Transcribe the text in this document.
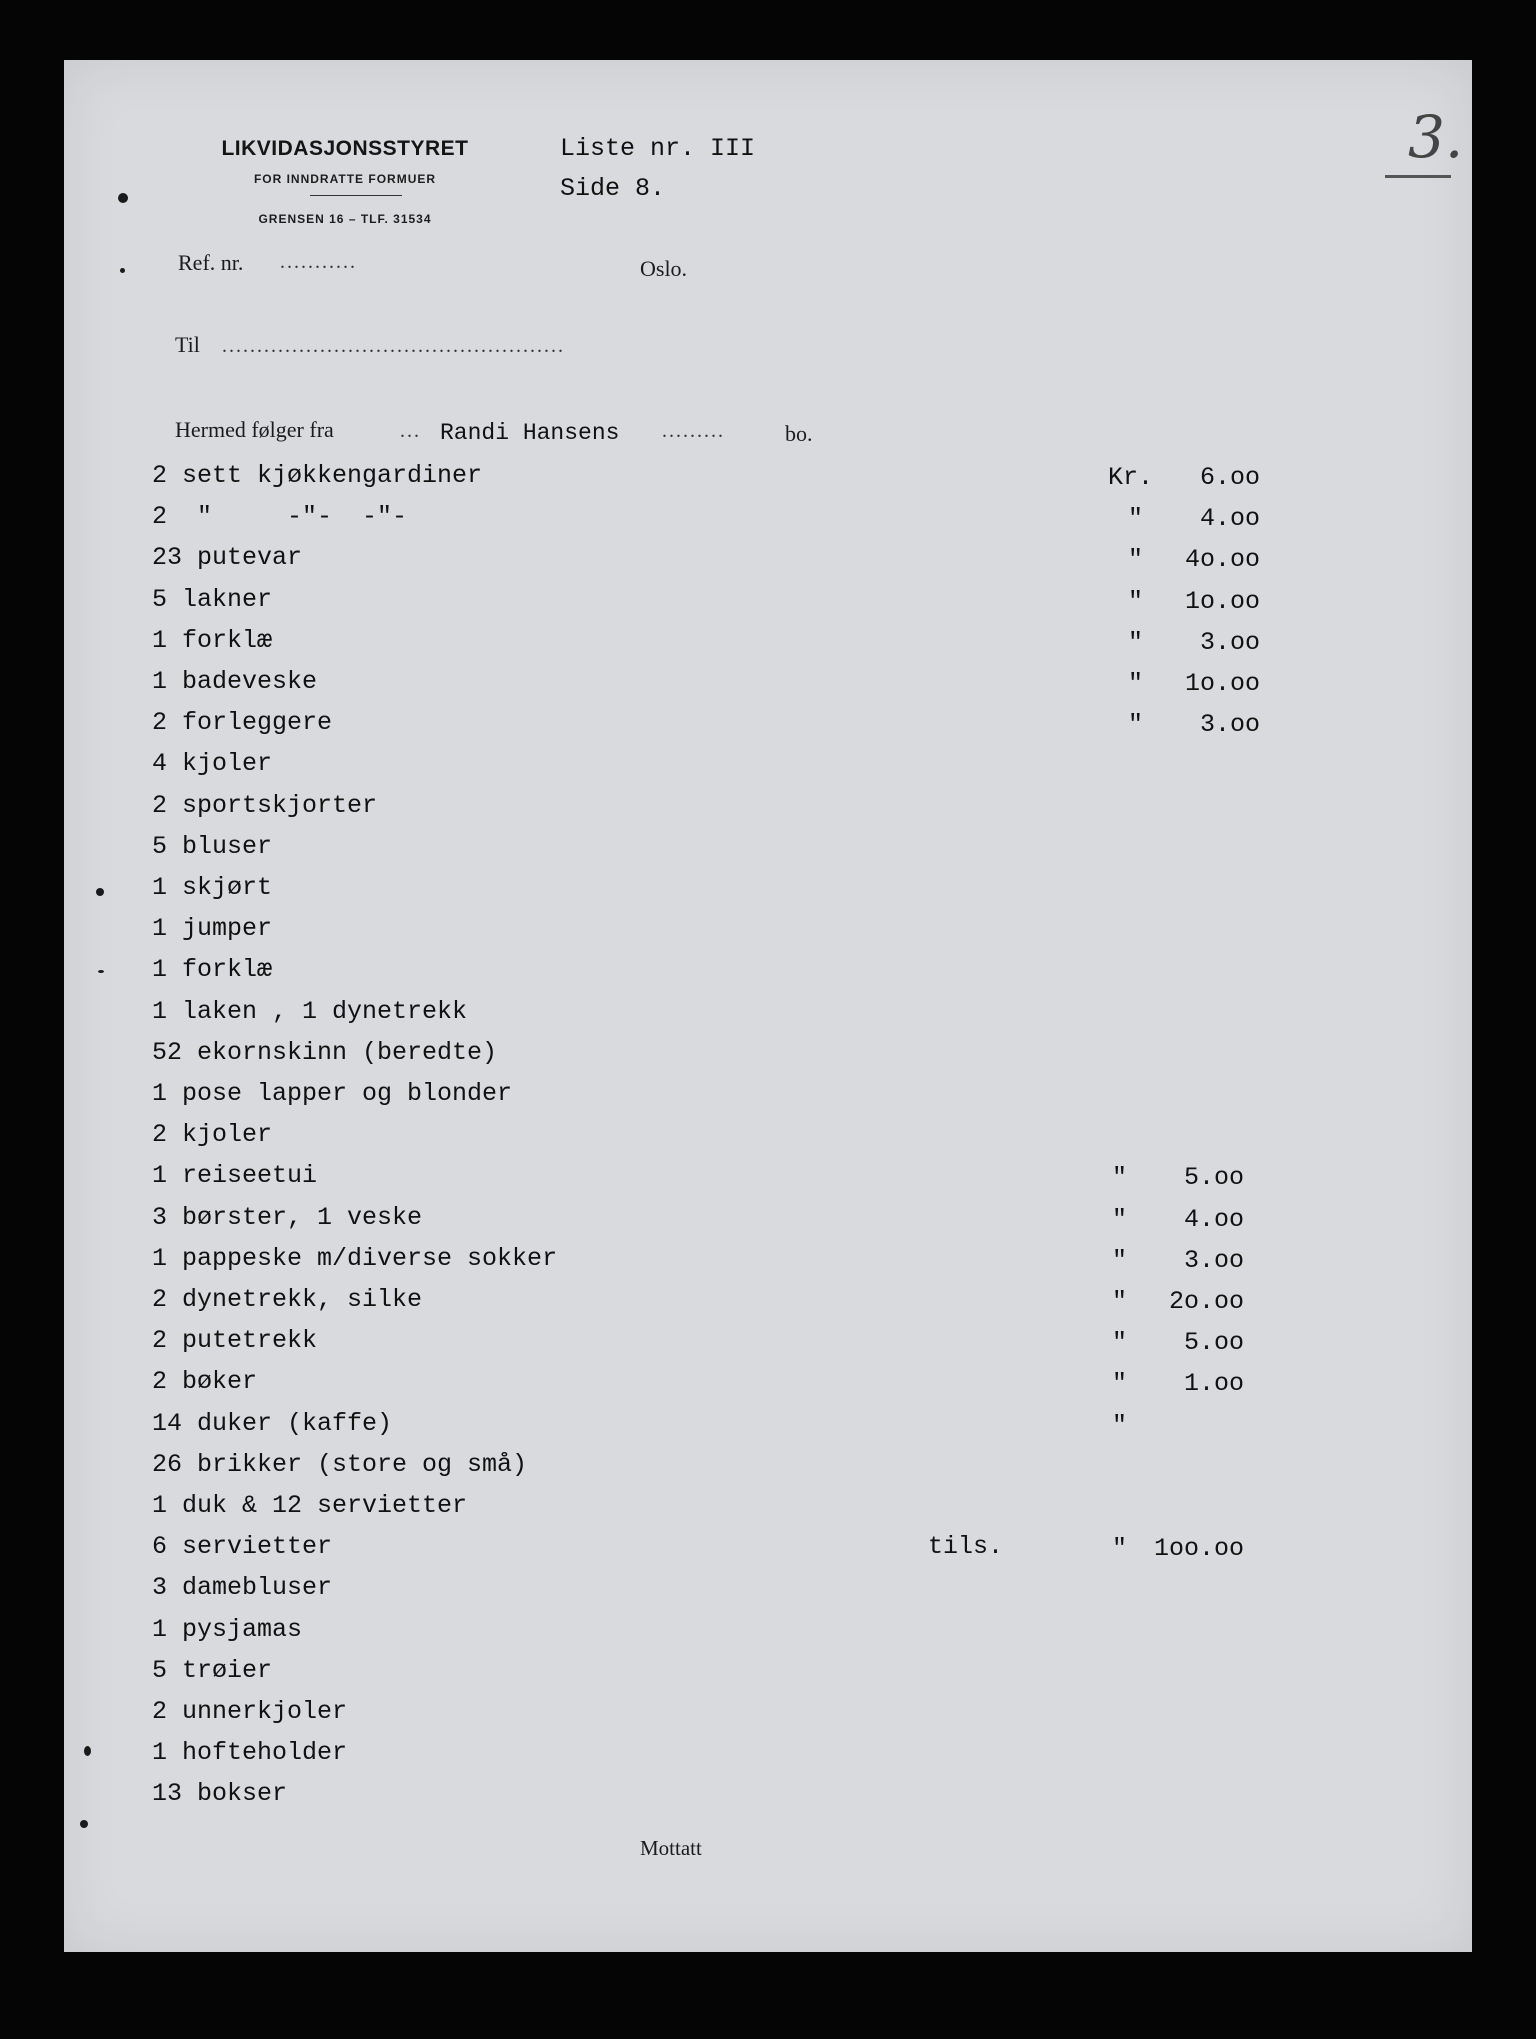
LIKVIDASJONSSTYRET
FOR INNDRATTE FORMUER
GRENSEN 16 – TLF. 31534
Liste nr. III
Side 8.
3.
Ref. nr. ...........	Oslo.
Til .................................................
Hermed følger fra	... Randi Hansens .........	bo.
2 sett kjøkkengardiner	Kr.	6.oo
2  "     -"-  -"-	"	4.oo
23 putevar	"	4o.oo
5 lakner	"	1o.oo
1 forklæ	"	3.oo
1 badeveske	"	1o.oo
2 forleggere	"	3.oo
4 kjoler
2 sportskjorter
5 bluser
1 skjørt
1 jumper
1 forklæ
1 laken , 1 dynetrekk
52 ekornskinn (beredte)
1 pose lapper og blonder
2 kjoler
1 reiseetui	"	5.oo
3 børster, 1 veske	"	4.oo
1 pappeske m/diverse sokker	"	3.oo
2 dynetrekk, silke	"	2o.oo
2 putetrekk	"	5.oo
2 bøker	"	1.oo
14 duker (kaffe)	"
26 brikker (store og små)
1 duk & 12 servietter
6 servietter	tils.	"	1oo.oo
3 damebluser
1 pysjamas
5 trøier
2 unnerkjoler
1 hofteholder
13 bokser
Mottatt
